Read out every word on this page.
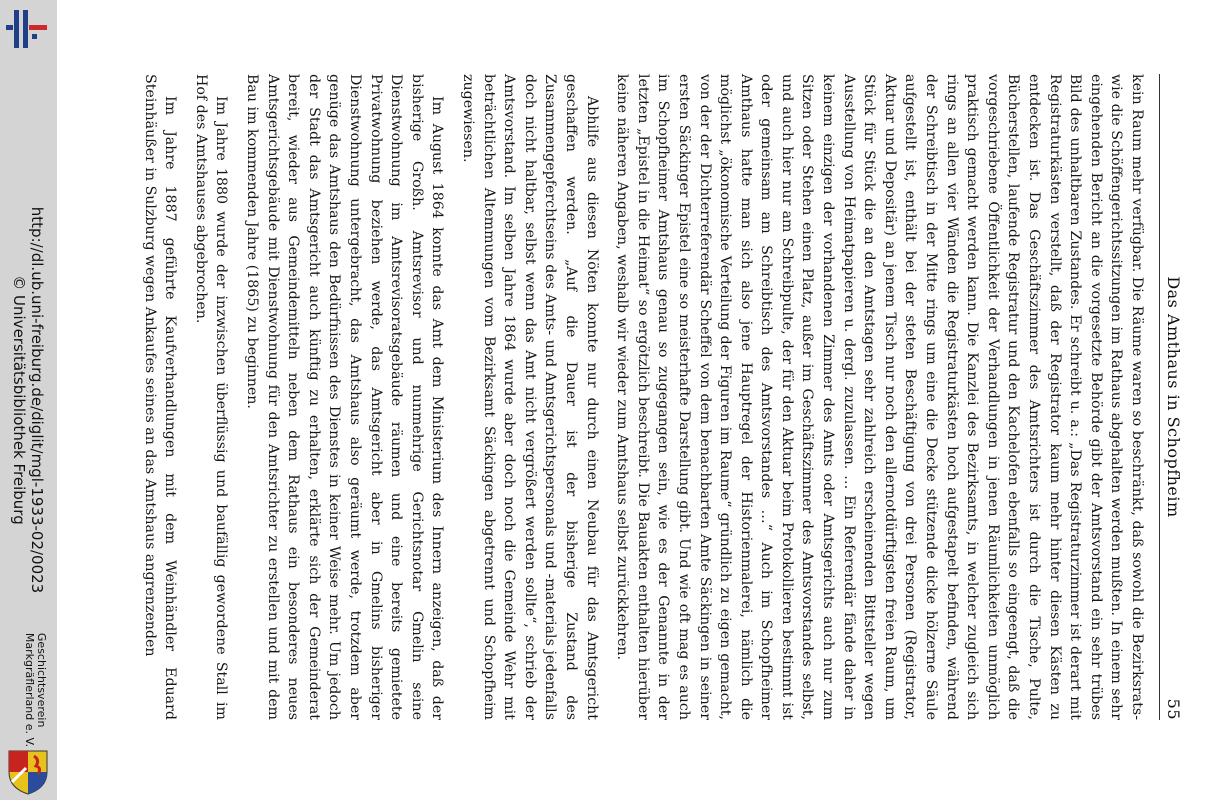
http://dl.ub.uni-freiburg.de/diglit/mgl-1933-02/0023
© Universitätsbibliothek Freiburg
Geschichtsverein
Markgräflerland e. V.
Das Amthaus in Schopfheim
55

kein Raum mehr verfügbar. Die Räume waren so beschränkt, daß sowohl die Bezirksrats- wie die Schöffengerichtssitzungen im Rathaus abgehalten werden mußten. In einem sehr eingehenden Bericht an die vorgesetzte Behörde gibt der Amtsvorstand ein sehr trübes Bild des unhaltbaren Zustandes. Er schreibt u. a.: „Das Registraturzimmer ist derart mit Registraturkästen verstellt, daß der Registrator kaum mehr hinter diesen Kästen zu entdecken ist. Das Geschäftszimmer des Amtsrichters ist durch die Tische, Pulte, Bücherstellen, laufende Registratur und den Kachelofen ebenfalls so eingeengt, daß die vorgeschriebene Öffentlichkeit der Verhandlungen in jenen Räumlichkeiten unmöglich praktisch gemacht werden kann. Die Kanzlei des Bezirksamts, in welcher zugleich sich rings an allen vier Wänden die Registraturkästen hoch aufgestapelt befinden, während der Schreibtisch in der Mitte rings um eine die Decke stützende dicke hölzerne Säule aufgestellt ist, enthält bei der steten Beschäftigung von drei Personen (Registrator, Aktuar und Depositär) an jenem Tisch nur noch den allernotdürftigsten freien Raum, um Stück für Stück die an den Amtstagen sehr zahlreich erscheinenden Bittsteller wegen Ausstellung von Heimatpapieren u. dergl. zuzulassen. … Ein Referendär fände daher in keinem einzigen der vorhandenen Zimmer des Amts oder Amtsgerichts auch nur zum Sitzen oder Stehen einen Platz, außer im Geschäftszimmer des Amtsvorstandes selbst, und auch hier nur am Schreibpulte, der für den Aktuar beim Protokollieren bestimmt ist oder gemeinsam am Schreibtisch des Amtsvorstandes …“ Auch im Schopfheimer Amthaus hatte man sich also jene Hauptregel der Historienmalerei, nämlich die möglichst „ökonomische Verteilung der Figuren im Raume“ gründlich zu eigen gemacht, von der der Dichterreferendär Scheffel von dem benachbarten Amte Säckingen in seiner ersten Säckinger Epistel eine so meisterhafte Darstellung gibt. Und wie oft mag es auch im Schopfheimer Amtshaus genau so zugegangen sein, wie es der Genannte in der letzten „Epistel in die Heimat“ so ergötzlich beschreibt. Die Bauakten enthalten hierüber keine näheren Angaben, weshalb wir wieder zum Amtshaus selbst zurückkehren.

Abhilfe aus diesen Nöten konnte nur durch einen Neubau für das Amtsgericht geschaffen werden. „Auf die Dauer ist der bisherige Zustand des Zusammengepferchtseins des Amts- und Amtsgerichtspersonals und -materials jedenfalls doch nicht haltbar, selbst wenn das Amt nicht vergrößert werden sollte“, schrieb der Amtsvorstand. Im selben Jahre 1864 wurde aber doch noch die Gemeinde Wehr mit beträchtlichen Altemmungen vom Bezirksamt Säckingen abgetrennt und Schopfheim zugewiesen.

Im August 1864 konnte das Amt dem Ministerium des Innern anzeigen, daß der bisherige Großh. Amtsrevisor und nunmehrige Gerichtsnotar Gmelin seine Dienstwohnung im Amtsrevisoratsgebäude räumen und eine bereits gemietete Privatwohnung beziehen werde, das Amtsgericht aber in Gmelins bisheriger Dienstwohnung untergebracht, das Amtshaus also geräumt werde, trotzdem aber genüge das Amtshaus den Bedürfnissen des Dienstes in keiner Weise mehr. Um jedoch der Stadt das Amtsgericht auch künftig zu erhalten, erklärte sich der Gemeinderat bereit, wieder aus Gemeindemitteln neben dem Rathaus ein besonderes neues Amtsgerichtsgebäude mit Dienstwohnung für den Amtsrichter zu erstellen und mit dem Bau im kommenden Jahre (1865) zu beginnen.

Im Jahre 1880 wurde der inzwischen überflüssig und baufällig gewordene Stall im Hof des Amtshauses abgebrochen.

Im Jahre 1887 geführte Kaufverhandlungen mit dem Weinhändler Eduard Steinhäußer in Sulzburg wegen Ankaufes seines an das Amtshaus angrenzenden
